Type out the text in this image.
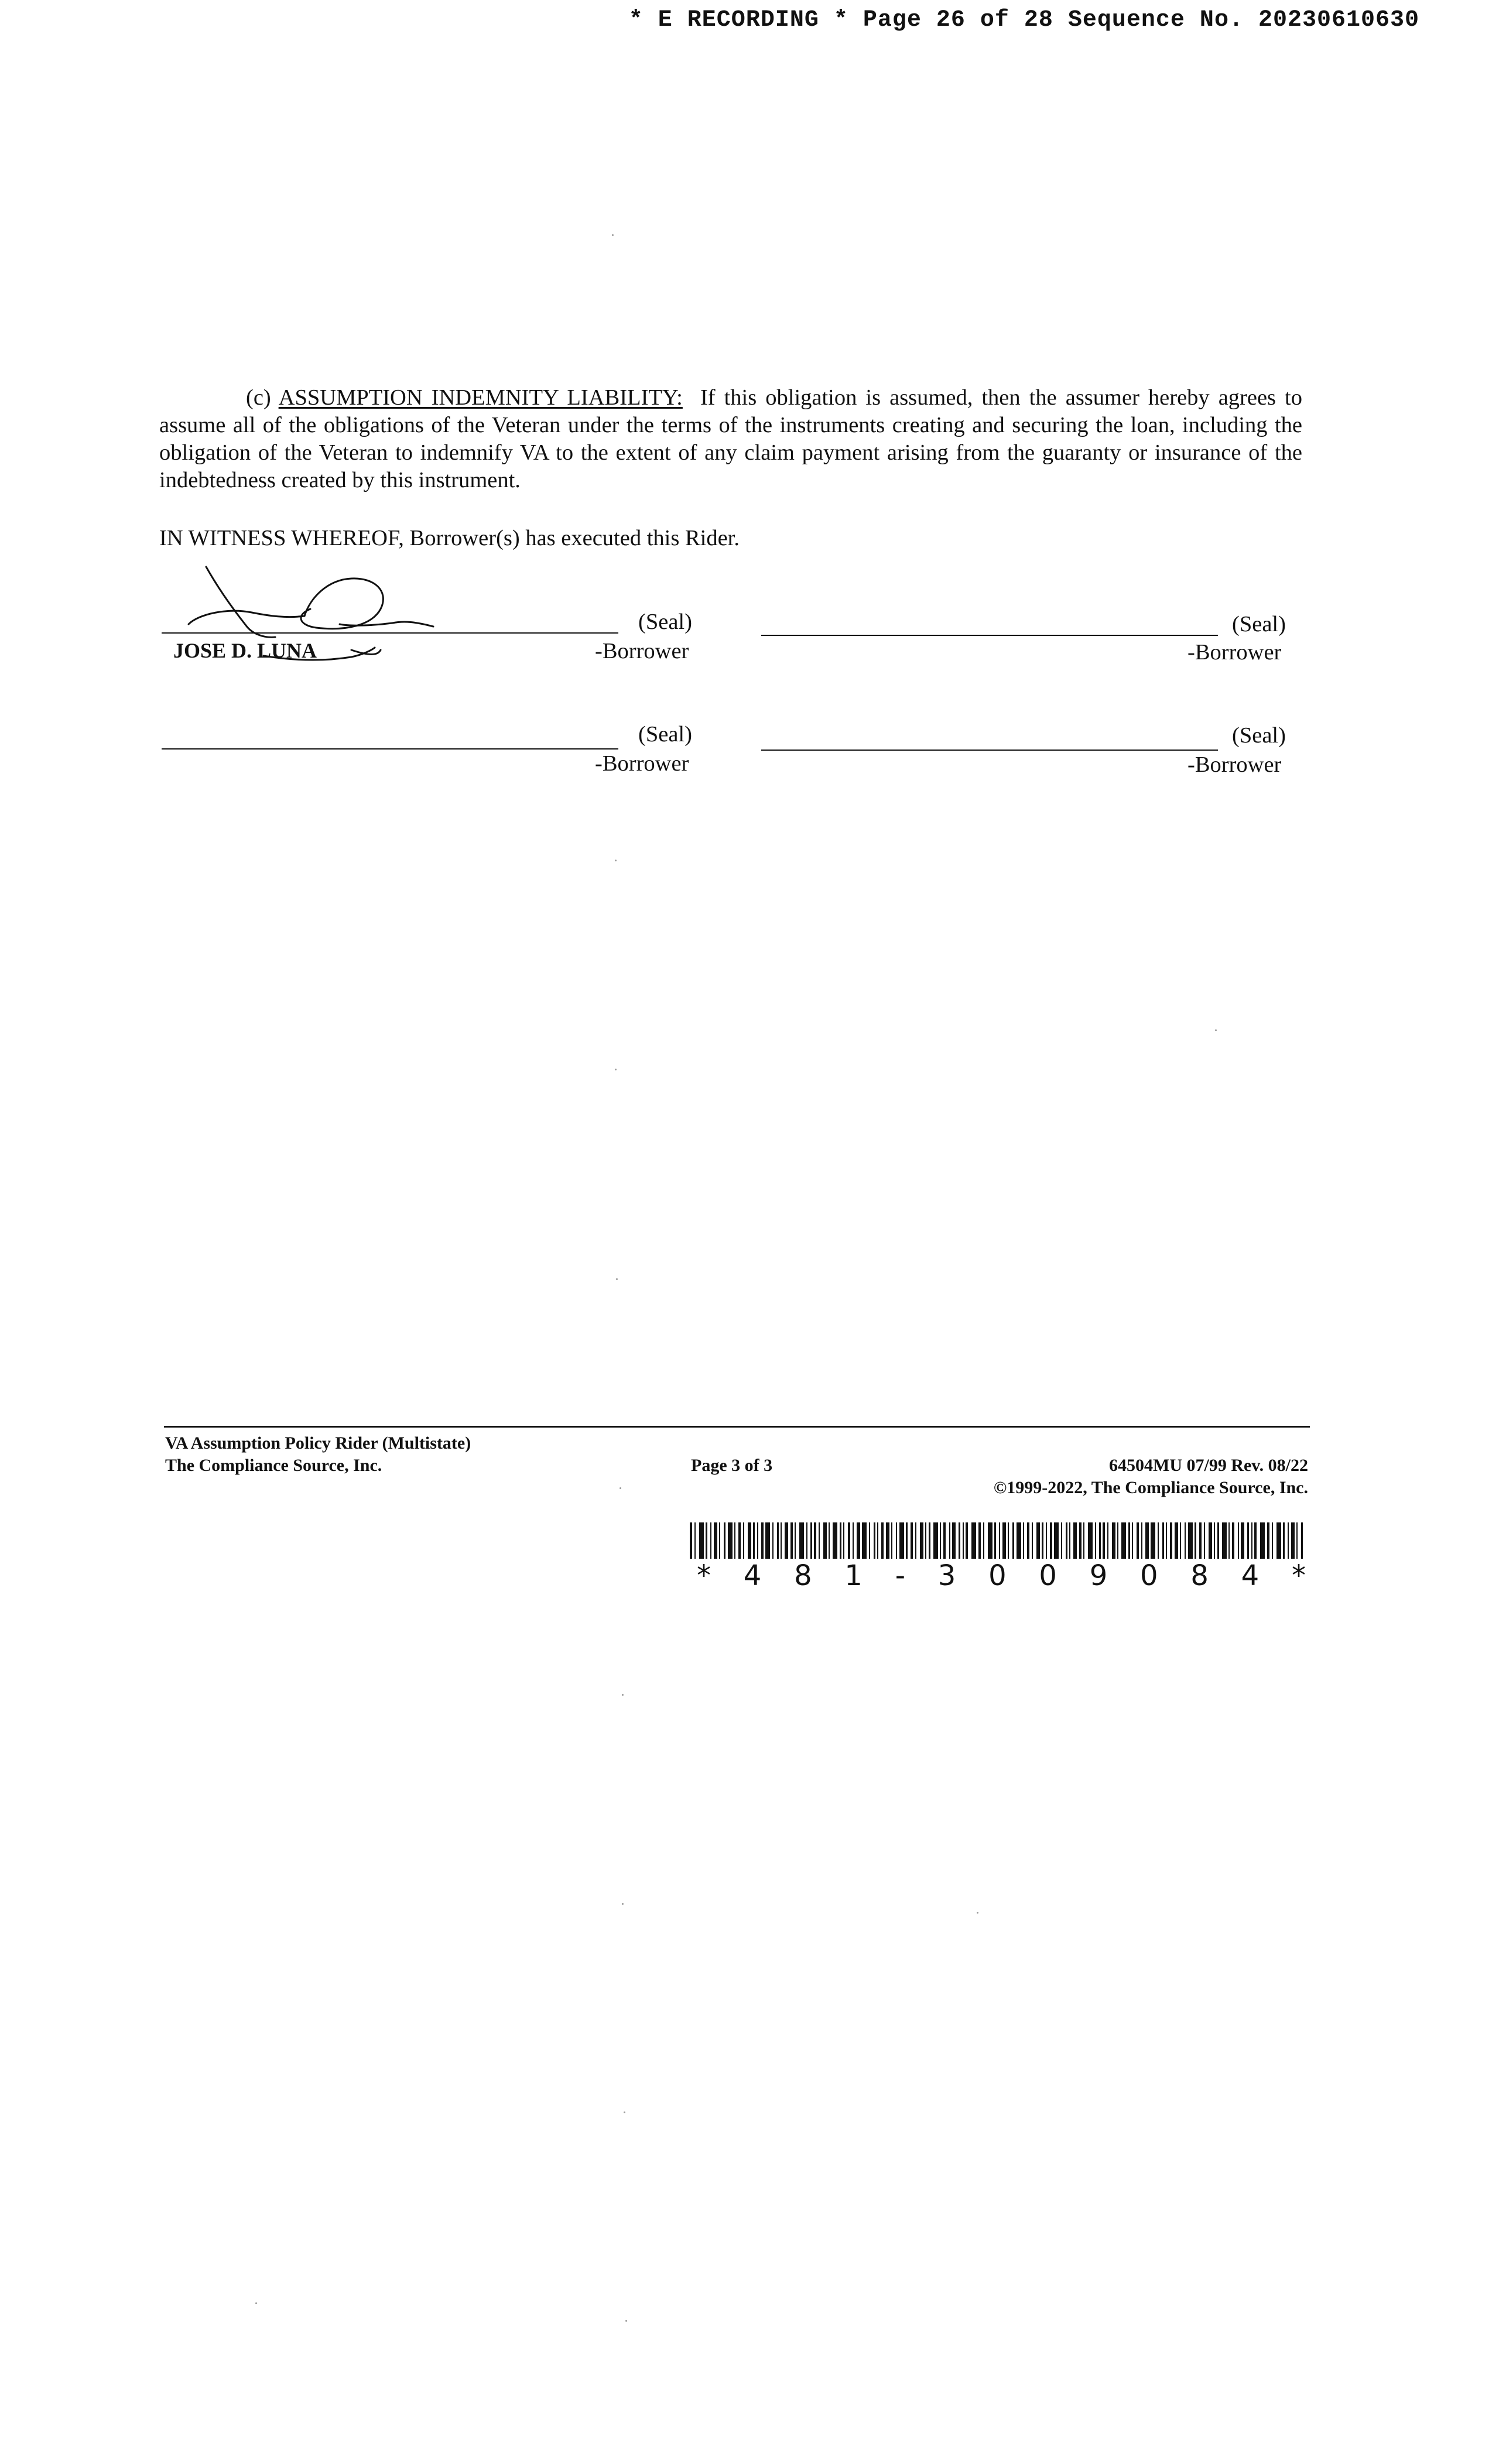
* E RECORDING * Page 26 of 28 Sequence No. 20230610630
(c) ASSUMPTION INDEMNITY LIABILITY: If this obligation is assumed, then the assumer hereby agrees to assume all of the obligations of the Veteran under the terms of the instruments creating and securing the loan, including the obligation of the Veteran to indemnify VA to the extent of any claim payment arising from the guaranty or insurance of the indebtedness created by this instrument.
IN WITNESS WHEREOF, Borrower(s) has executed this Rider.
JOSE D. LUNA
(Seal)
-Borrower
(Seal)
-Borrower
(Seal)
-Borrower
(Seal)
-Borrower
VA Assumption Policy Rider (Multistate)
The Compliance Source, Inc.	Page 3 of 3	64504MU 07/99 Rev. 08/22
©1999-2022, The Compliance Source, Inc.
* 4 8 1 - 3 0 0 9 0 8 4 *
